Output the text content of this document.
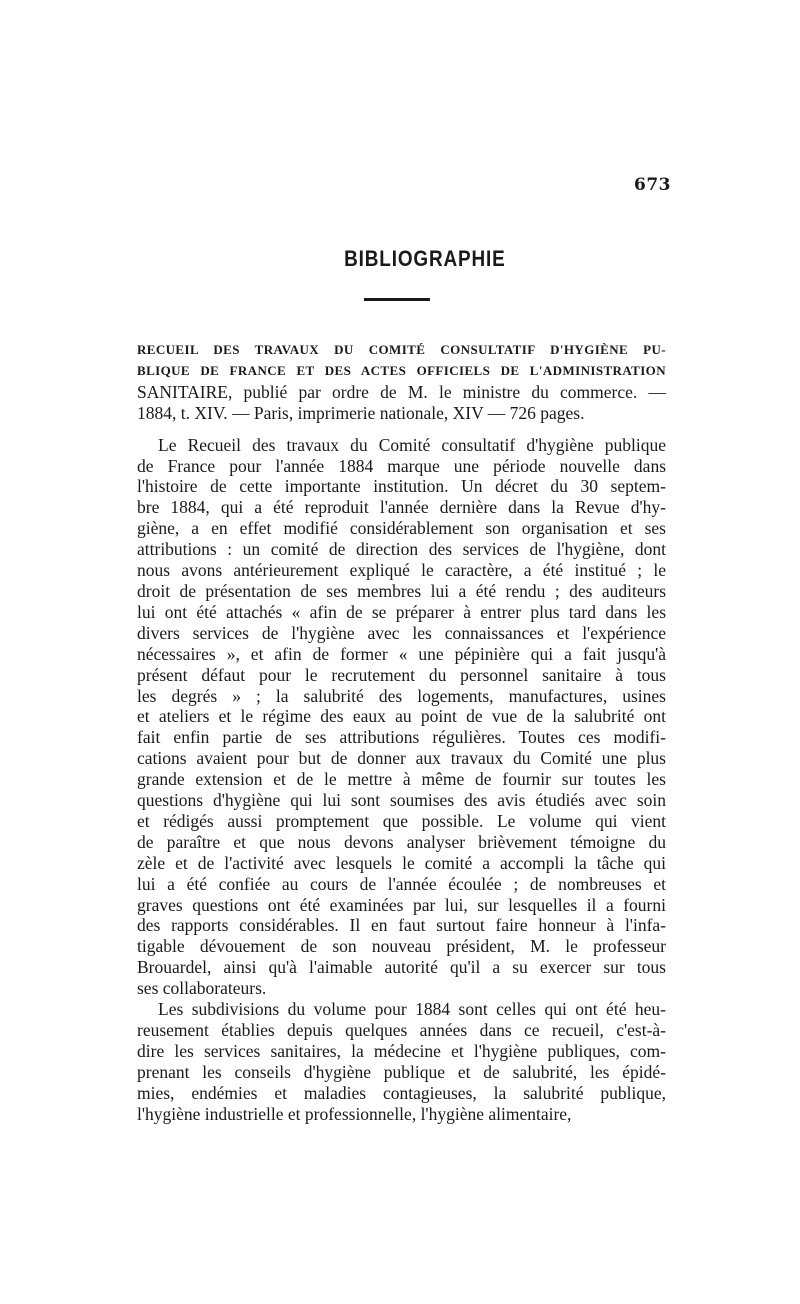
673
BIBLIOGRAPHIE
RECUEIL DES TRAVAUX DU COMITÉ CONSULTATIF D'HYGIÈNE PU-
BLIQUE DE FRANCE ET DES ACTES OFFICIELS DE L'ADMINISTRATION
SANITAIRE, publié par ordre de M. le ministre du commerce. —
1884, t. XIV. — Paris, imprimerie nationale, XIV — 726 pages.
Le Recueil des travaux du Comité consultatif d'hygiène publique
de France pour l'année 1884 marque une période nouvelle dans
l'histoire de cette importante institution. Un décret du 30 septem-
bre 1884, qui a été reproduit l'année dernière dans la Revue d'hy-
giène, a en effet modifié considérablement son organisation et ses
attributions : un comité de direction des services de l'hygiène, dont
nous avons antérieurement expliqué le caractère, a été institué ; le
droit de présentation de ses membres lui a été rendu ; des auditeurs
lui ont été attachés « afin de se préparer à entrer plus tard dans les
divers services de l'hygiène avec les connaissances et l'expérience
nécessaires », et afin de former « une pépinière qui a fait jusqu'à
présent défaut pour le recrutement du personnel sanitaire à tous
les degrés » ; la salubrité des logements, manufactures, usines
et ateliers et le régime des eaux au point de vue de la salubrité ont
fait enfin partie de ses attributions régulières. Toutes ces modifi-
cations avaient pour but de donner aux travaux du Comité une plus
grande extension et de le mettre à même de fournir sur toutes les
questions d'hygiène qui lui sont soumises des avis étudiés avec soin
et rédigés aussi promptement que possible. Le volume qui vient
de paraître et que nous devons analyser brièvement témoigne du
zèle et de l'activité avec lesquels le comité a accompli la tâche qui
lui a été confiée au cours de l'année écoulée ; de nombreuses et
graves questions ont été examinées par lui, sur lesquelles il a fourni
des rapports considérables. Il en faut surtout faire honneur à l'infa-
tigable dévouement de son nouveau président, M. le professeur
Brouardel, ainsi qu'à l'aimable autorité qu'il a su exercer sur tous
ses collaborateurs.
Les subdivisions du volume pour 1884 sont celles qui ont été heu-
reusement établies depuis quelques années dans ce recueil, c'est-à-
dire les services sanitaires, la médecine et l'hygiène publiques, com-
prenant les conseils d'hygiène publique et de salubrité, les épidé-
mies, endémies et maladies contagieuses, la salubrité publique,
l'hygiène industrielle et professionnelle, l'hygiène alimentaire,
